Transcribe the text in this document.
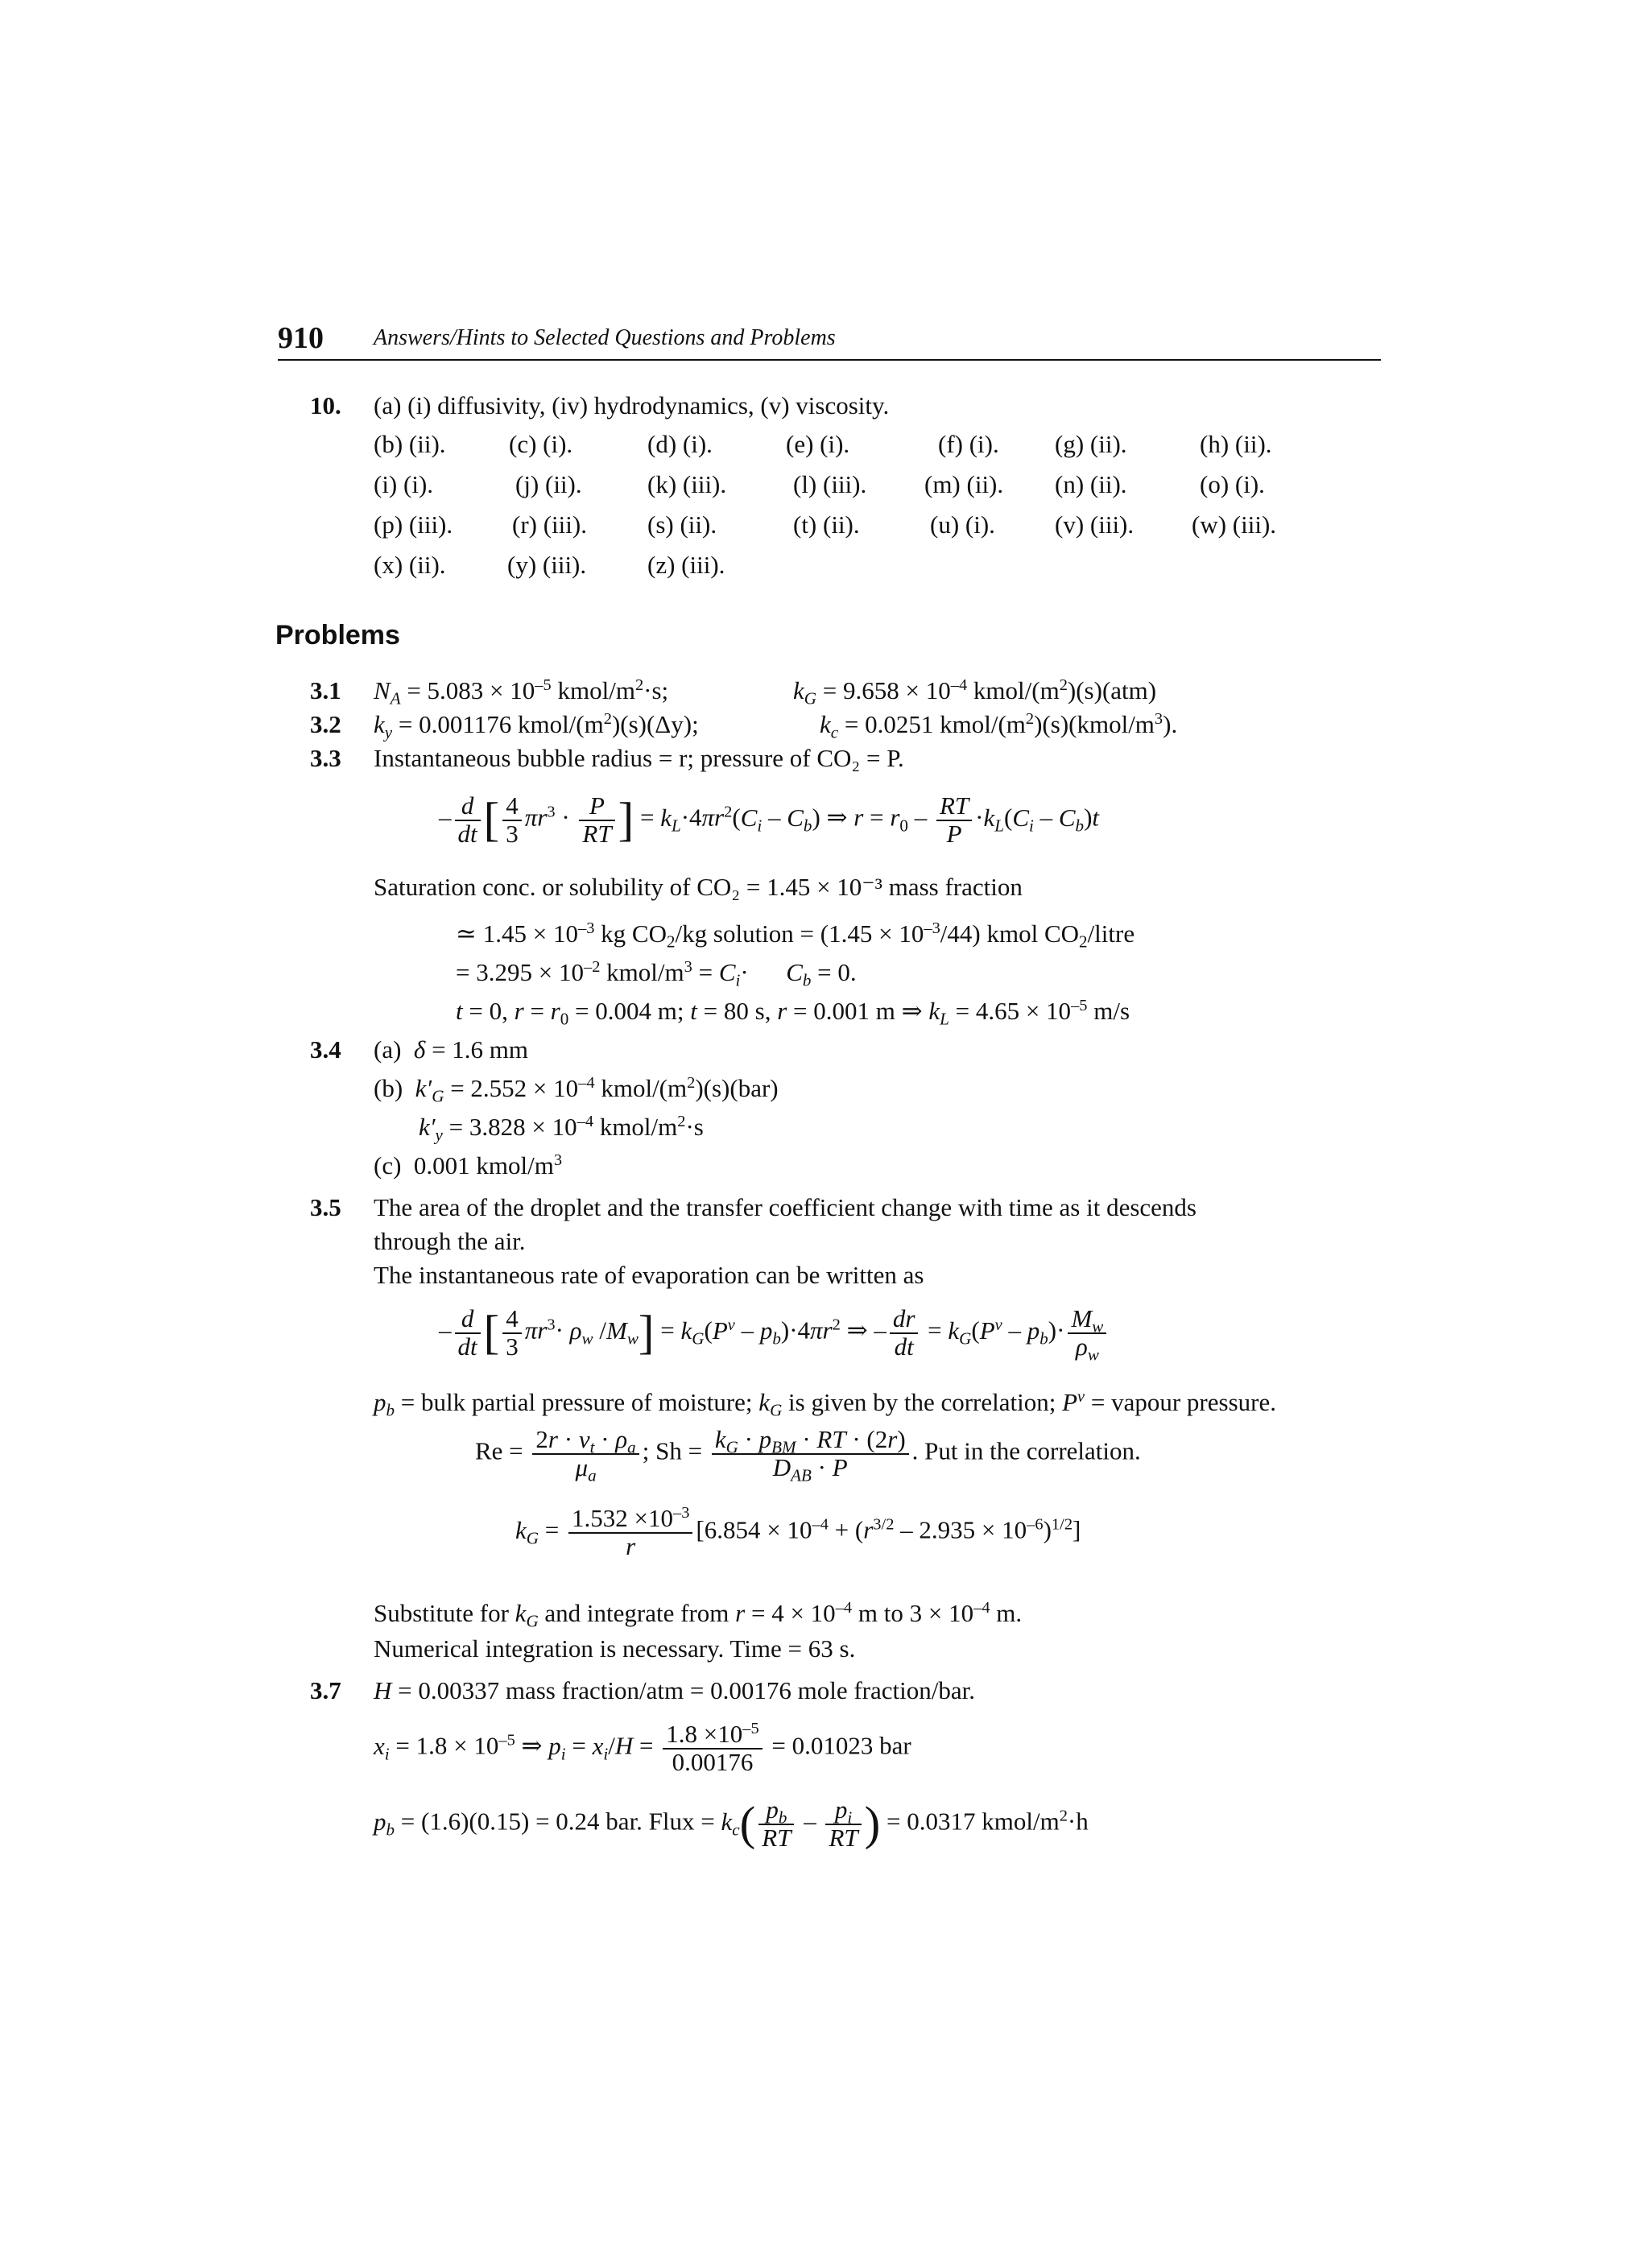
910 Answers/Hints to Selected Questions and Problems
10. (a) (i) diffusivity, (iv) hydrodynamics, (v) viscosity.
(b) (ii).	(c) (i).	(d) (i).	(e) (i).	(f) (i). (g) (ii).	(h) (ii).
(i) (i).	(j) (ii).	(k) (iii).	(l) (iii). (m) (ii). (n) (ii).	(o) (i).
(p) (iii). (r) (iii). (s) (ii).	(t) (ii).	(u) (i). (v) (iii). (w) (iii).
(x) (ii). (y) (iii). (z) (iii).
Problems
3.1 $N_A = 5.083 \times 10^{-5}$ kmol/$m^2\cdot s$;	$k_G = 9.658 \times 10^{-4}$ kmol/$(m^2)(s)(atm)$
3.2 $k_y = 0.001176$ kmol/$(m^2)(s)(\Delta y)$;	$k_c = 0.0251$ kmol/$(m^2)(s)(kmol/m^3)$.
3.3 Instantaneous bubble radius = r; pressure of CO₂ = P.
– $\frac{d}{dt}$ [ $\frac{4}{3} \pi r^3 \cdot \frac{P}{RT}$ ] = $k_L\cdot 4\pi r^2(C_i - C_b)$ ⇒ $r = r_0 - \frac{RT}{P} \cdot k_L(C_i - C_b)t$
Saturation conc. or solubility of CO₂ = 1.45 × 10⁻³ mass fraction
≃ $1.45 \times 10^{-3}$ kg $CO_2/kg$ solution = $(1.45 \times 10^{-3}/44)$ kmol $CO_2$/litre
= $3.295 \times 10^{-2}$ kmol/$m^3 = C_i\cdot$      $C_b = 0$.
t = 0, $r = r_0 = 0.004$ m; t = 80 s, r = 0.001 m ⇒ $k_L = 4.65 \times 10^{-5}$ m/s
3.4 (a)  δ = 1.6 mm
(b)  $k'_G = 2.552 \times 10^{-4}$ kmol/$(m^2)(s)(bar)$
$k'_y = 3.828 \times 10^{-4}$ kmol/$m^2\cdot s$
(c)  0.001 kmol/$m^3$
3.5 The area of the droplet and the transfer coefficient change with time as it descends
through the air.
The instantaneous rate of evaporation can be written as
– $\frac{d}{dt}$ [ $\frac{4}{3} \pi r^3\cdot \rho_w$ $/M_w] = k_G(P^v - p_b)\cdot 4\pi r^2$ ⇒ – $\frac{dr}{dt} = k_G(P^v - p_b)\cdot \frac{M_w}{\rho_w}$
$p_b$ = bulk partial pressure of moisture; $k_G$ is given by the correlation; $P^v$ = vapour pressure.
$Re = \frac{2r \cdot v_t \cdot \rho_a}{\mu_a}$ ; $Sh = \frac{k_G \cdot p_{BM} \cdot RT \cdot (2r)}{D_{AB} \cdot P}$ . Put in the correlation.
$k_G = \frac{1.532 \times 10^{-3}}{r} [6.854 \times 10^{-4} + (r^{3/2} - 2.935 \times 10^{-6})^{1/2}]$
Substitute for $k_G$ and integrate from $r = 4 \times 10^{-4}$ m to $3 \times 10^{-4}$ m.
Numerical integration is necessary. Time = 63 s.
3.7 H = 0.00337 mass fraction/atm = 0.00176 mole fraction/bar.
$x_i = 1.8 \times 10^{-5}$ ⇒ $p_i = x_i/H = \frac{1.8 \times 10^{-5}}{0.00176} = 0.01023$ bar
$p_b = (1.6)(0.15) = 0.24$ bar. Flux = $k_c( \frac{p_b}{RT} - \frac{p_i}{RT}$ ) = 0.0317 kmol/$m^2\cdot h$
